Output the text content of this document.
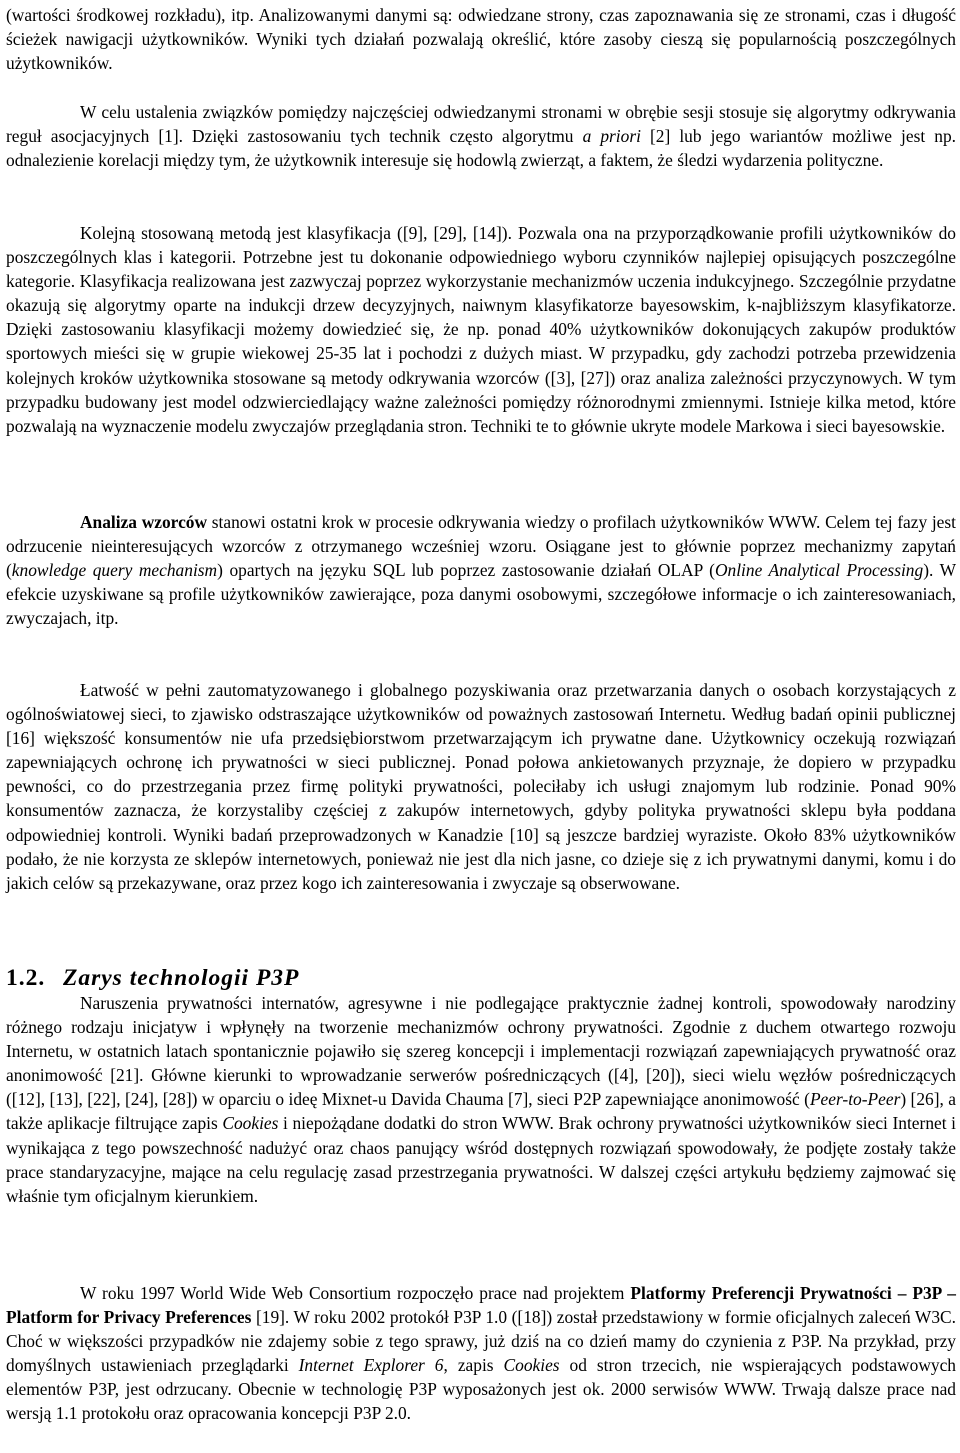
(wartości środkowej rozkładu), itp. Analizowanymi danymi są: odwiedzane strony, czas zapoznawania się ze stronami, czas i długość ścieżek nawigacji użytkowników. Wyniki tych działań pozwalają określić, które zasoby cieszą się popularnością poszczególnych użytkowników.

W celu ustalenia związków pomiędzy najczęściej odwiedzanymi stronami w obrębie sesji stosuje się algorytmy odkrywania reguł asocjacyjnych [1]. Dzięki zastosowaniu tych technik często algorytmu a priori [2] lub jego wariantów możliwe jest np. odnalezienie korelacji między tym, że użytkownik interesuje się hodowlą zwierząt, a faktem, że śledzi wydarzenia polityczne.

Kolejną stosowaną metodą jest klasyfikacja ([9], [29], [14]). Pozwala ona na przyporządkowanie profili użytkowników do poszczególnych klas i kategorii. Potrzebne jest tu dokonanie odpowiedniego wyboru czynników najlepiej opisujących poszczególne kategorie. Klasyfikacja realizowana jest zazwyczaj poprzez wykorzystanie mechanizmów uczenia indukcyjnego. Szczególnie przydatne okazują się algorytmy oparte na indukcji drzew decyzyjnych, naiwnym klasyfikatorze bayesowskim, k-najbliższym klasyfikatorze. Dzięki zastosowaniu klasyfikacji możemy dowiedzieć się, że np. ponad 40% użytkowników dokonujących zakupów produktów sportowych mieści się w grupie wiekowej 25-35 lat i pochodzi z dużych miast. W przypadku, gdy zachodzi potrzeba przewidzenia kolejnych kroków użytkownika stosowane są metody odkrywania wzorców ([3], [27]) oraz analiza zależności przyczynowych. W tym przypadku budowany jest model odzwierciedlający ważne zależności pomiędzy różnorodnymi zmiennymi. Istnieje kilka metod, które pozwalają na wyznaczenie modelu zwyczajów przeglądania stron. Techniki te to głównie ukryte modele Markowa i sieci bayesowskie.

Analiza wzorców stanowi ostatni krok w procesie odkrywania wiedzy o profilach użytkowników WWW. Celem tej fazy jest odrzucenie nieinteresujących wzorców z otrzymanego wcześniej wzoru. Osiągane jest to głównie poprzez mechanizmy zapytań (knowledge query mechanism) opartych na języku SQL lub poprzez zastosowanie działań OLAP (Online Analytical Processing). W efekcie uzyskiwane są profile użytkowników zawierające, poza danymi osobowymi, szczegółowe informacje o ich zainteresowaniach, zwyczajach, itp.

Łatwość w pełni zautomatyzowanego i globalnego pozyskiwania oraz przetwarzania danych o osobach korzystających z ogólnoświatowej sieci, to zjawisko odstraszające użytkowników od poważnych zastosowań Internetu. Według badań opinii publicznej [16] większość konsumentów nie ufa przedsiębiorstwom przetwarzającym ich prywatne dane. Użytkownicy oczekują rozwiązań zapewniających ochronę ich prywatności w sieci publicznej. Ponad połowa ankietowanych przyznaje, że dopiero w przypadku pewności, co do przestrzegania przez firmę polityki prywatności, poleciłaby ich usługi znajomym lub rodzinie. Ponad 90% konsumentów zaznacza, że korzystaliby częściej z zakupów internetowych, gdyby polityka prywatności sklepu była poddana odpowiedniej kontroli. Wyniki badań przeprowadzonych w Kanadzie [10] są jeszcze bardziej wyraziste. Około 83% użytkowników podało, że nie korzysta ze sklepów internetowych, ponieważ nie jest dla nich jasne, co dzieje się z ich prywatnymi danymi, komu i do jakich celów są przekazywane, oraz przez kogo ich zainteresowania i zwyczaje są obserwowane.

1.2. Zarys technologii P3P

Naruszenia prywatności internatów, agresywne i nie podlegające praktycznie żadnej kontroli, spowodowały narodziny różnego rodzaju inicjatyw i wpłynęły na tworzenie mechanizmów ochrony prywatności. Zgodnie z duchem otwartego rozwoju Internetu, w ostatnich latach spontanicznie pojawiło się szereg koncepcji i implementacji rozwiązań zapewniających prywatność oraz anonimowość [21]. Główne kierunki to wprowadzanie serwerów pośredniczących ([4], [20]), sieci wielu węzłów pośredniczących ([12], [13], [22], [24], [28]) w oparciu o ideę Mixnet-u Davida Chauma [7], sieci P2P zapewniające anonimowość (Peer-to-Peer) [26], a także aplikacje filtrujące zapis Cookies i niepożądane dodatki do stron WWW. Brak ochrony prywatności użytkowników sieci Internet i wynikająca z tego powszechność nadużyć oraz chaos panujący wśród dostępnych rozwiązań spowodowały, że podjęte zostały także prace standaryzacyjne, mające na celu regulację zasad przestrzegania prywatności. W dalszej części artykułu będziemy zajmować się właśnie tym oficjalnym kierunkiem.

W roku 1997 World Wide Web Consortium rozpoczęło prace nad projektem Platformy Preferencji Prywatności – P3P – Platform for Privacy Preferences [19]. W roku 2002 protokół P3P 1.0 ([18]) został przedstawiony w formie oficjalnych zaleceń W3C. Choć w większości przypadków nie zdajemy sobie z tego sprawy, już dziś na co dzień mamy do czynienia z P3P. Na przykład, przy domyślnych ustawieniach przeglądarki Internet Explorer 6, zapis Cookies od stron trzecich, nie wspierających podstawowych elementów P3P, jest odrzucany. Obecnie w technologię P3P wyposażonych jest ok. 2000 serwisów WWW. Trwają dalsze prace nad wersją 1.1 protokołu oraz opracowania koncepcji P3P 2.0.
